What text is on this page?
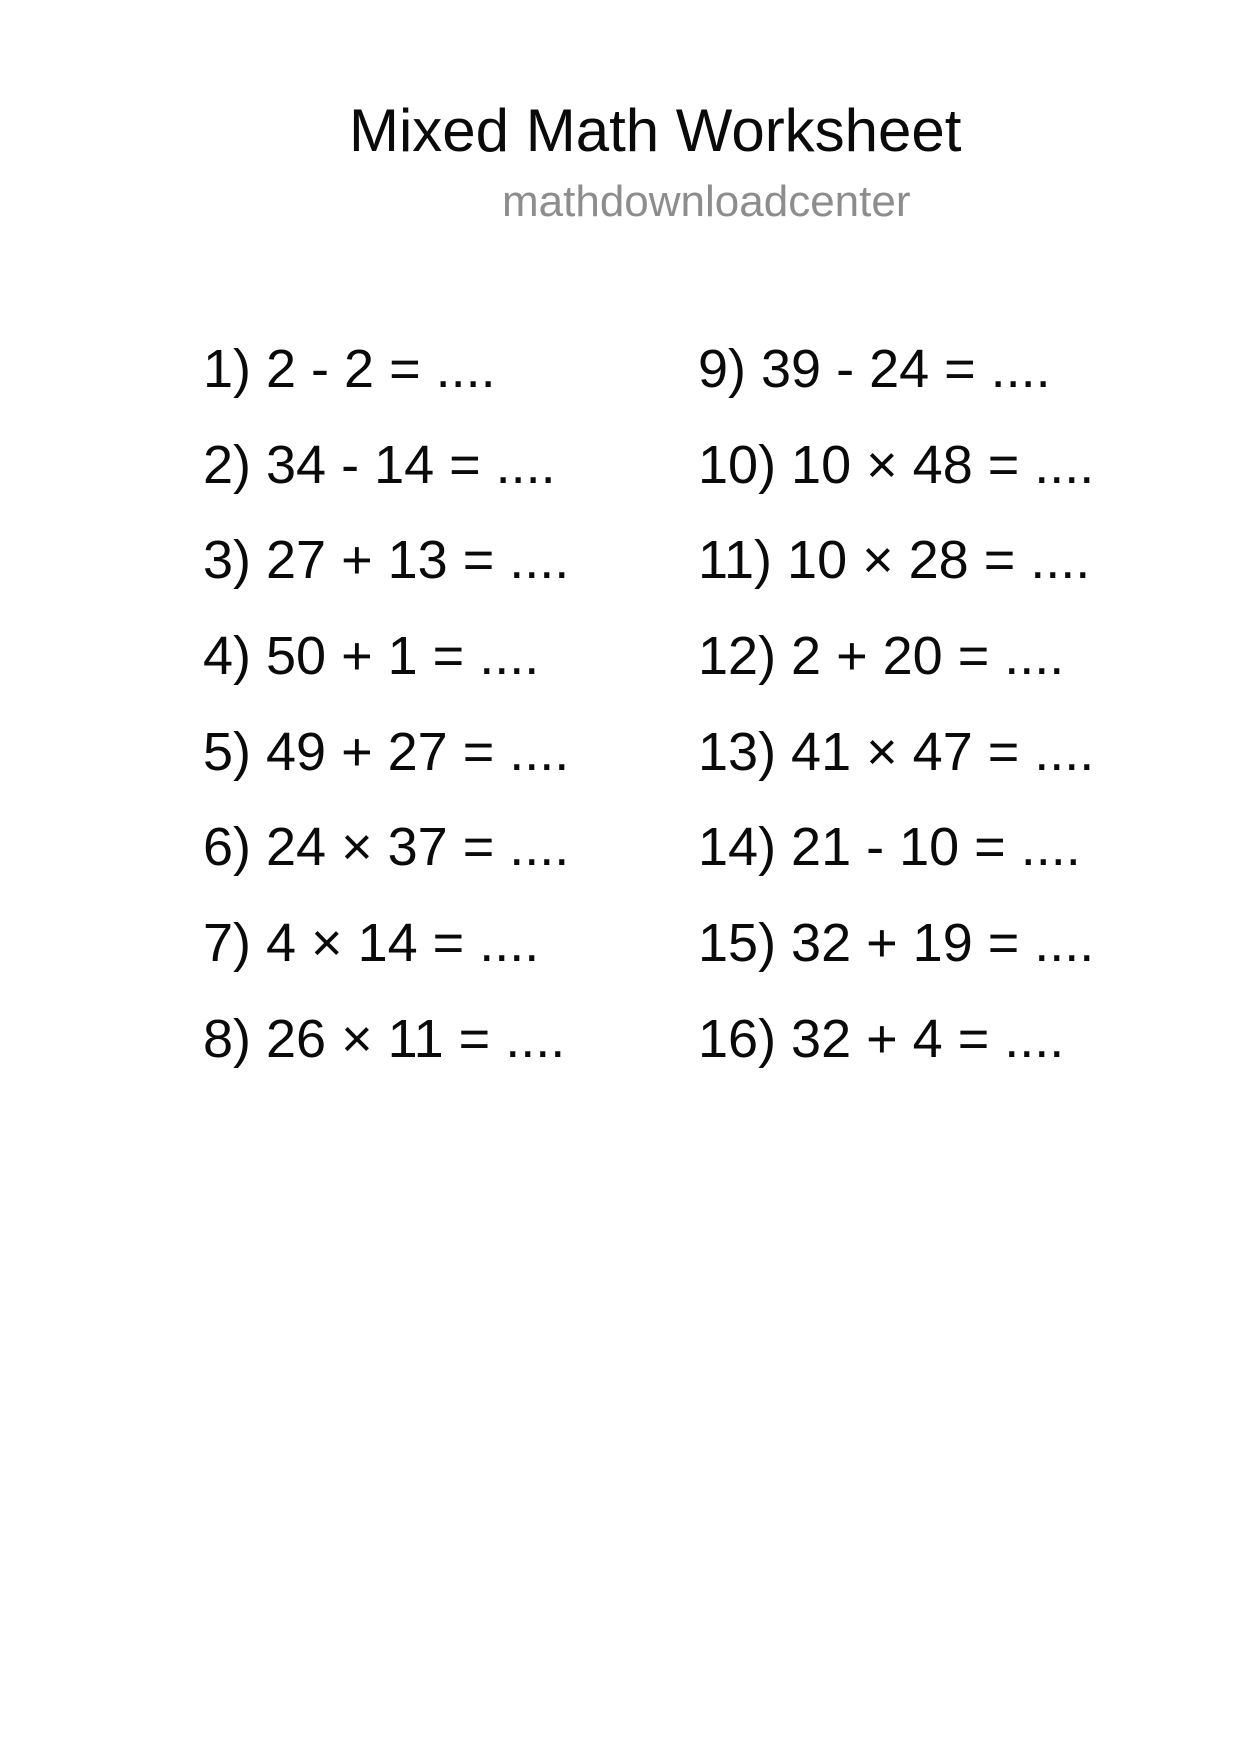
Mixed Math Worksheet
mathdownloadcenter
1) 2 - 2 = ....
2) 34 - 14 = ....
3) 27 + 13 = ....
4) 50 + 1 = ....
5) 49 + 27 = ....
6) 24 × 37 = ....
7) 4 × 14 = ....
8) 26 × 11 = ....
9) 39 - 24 = ....
10) 10 × 48 = ....
11) 10 × 28 = ....
12) 2 + 20 = ....
13) 41 × 47 = ....
14) 21 - 10 = ....
15) 32 + 19 = ....
16) 32 + 4 = ....
